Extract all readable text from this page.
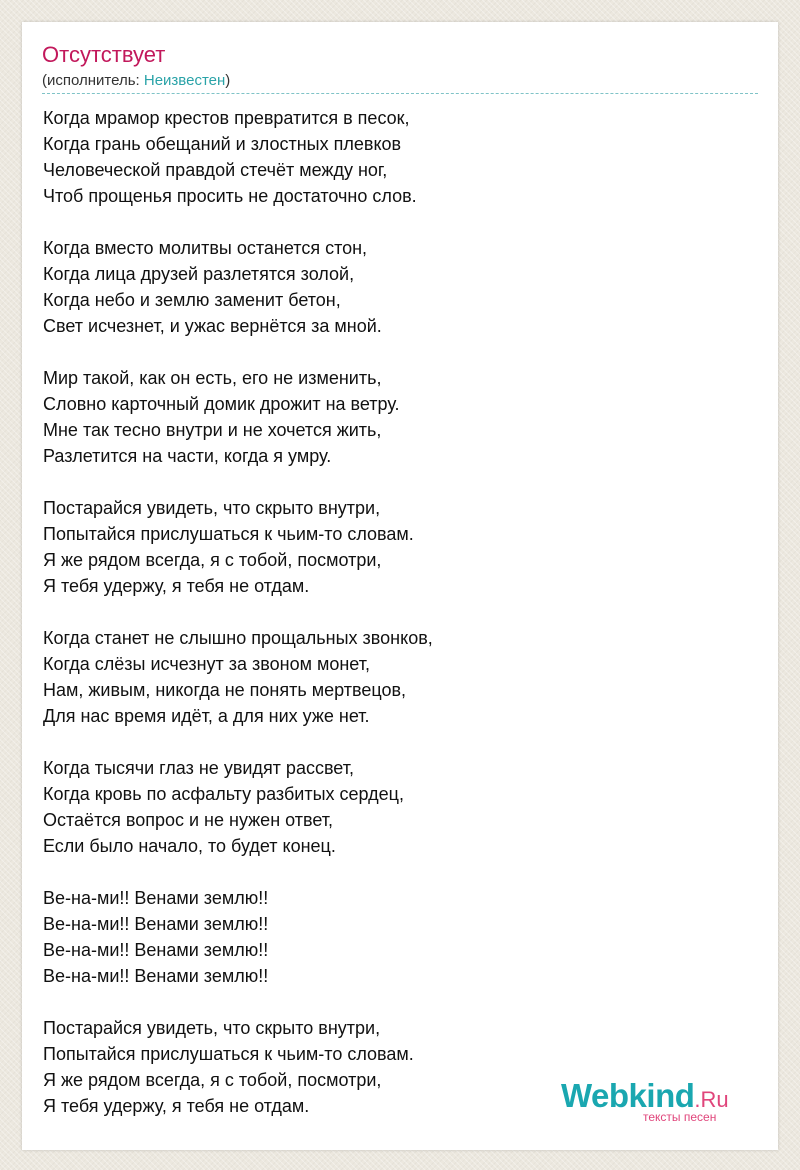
Отсутствует
(исполнитель: Неизвестен)
Когда мрамор крестов превратится в песок,
Когда грань обещаний и злостных плевков
Человеческой правдой стечёт между ног,
Чтоб прощенья просить не достаточно слов.
Когда вместо молитвы останется стон,
Когда лица друзей разлетятся золой,
Когда небо и землю заменит бетон,
Свет исчезнет, и ужас вернётся за мной.
Мир такой, как он есть, его не изменить,
Словно карточный домик дрожит на ветру.
Мне так тесно внутри и не хочется жить,
Разлетится на части, когда я умру.
Постарайся увидеть, что скрыто внутри,
Попытайся прислушаться к чьим-то словам.
Я же рядом всегда, я с тобой, посмотри,
Я тебя удержу, я тебя не отдам.
Когда станет не слышно прощальных звонков,
Когда слёзы исчезнут за звоном монет,
Нам, живым, никогда не понять мертвецов,
Для нас время идёт, а для них уже нет.
Когда тысячи глаз не увидят рассвет,
Когда кровь по асфальту разбитых сердец,
Остаётся вопрос и не нужен ответ,
Если было начало, то будет конец.
Ве-на-ми!! Венами землю!!
Ве-на-ми!! Венами землю!!
Ве-на-ми!! Венами землю!!
Ве-на-ми!! Венами землю!!
Постарайся увидеть, что скрыто внутри,
Попытайся прислушаться к чьим-то словам.
Я же рядом всегда, я с тобой, посмотри,
Я тебя удержу, я тебя не отдам.	Webkind.Ru
тексты песен
